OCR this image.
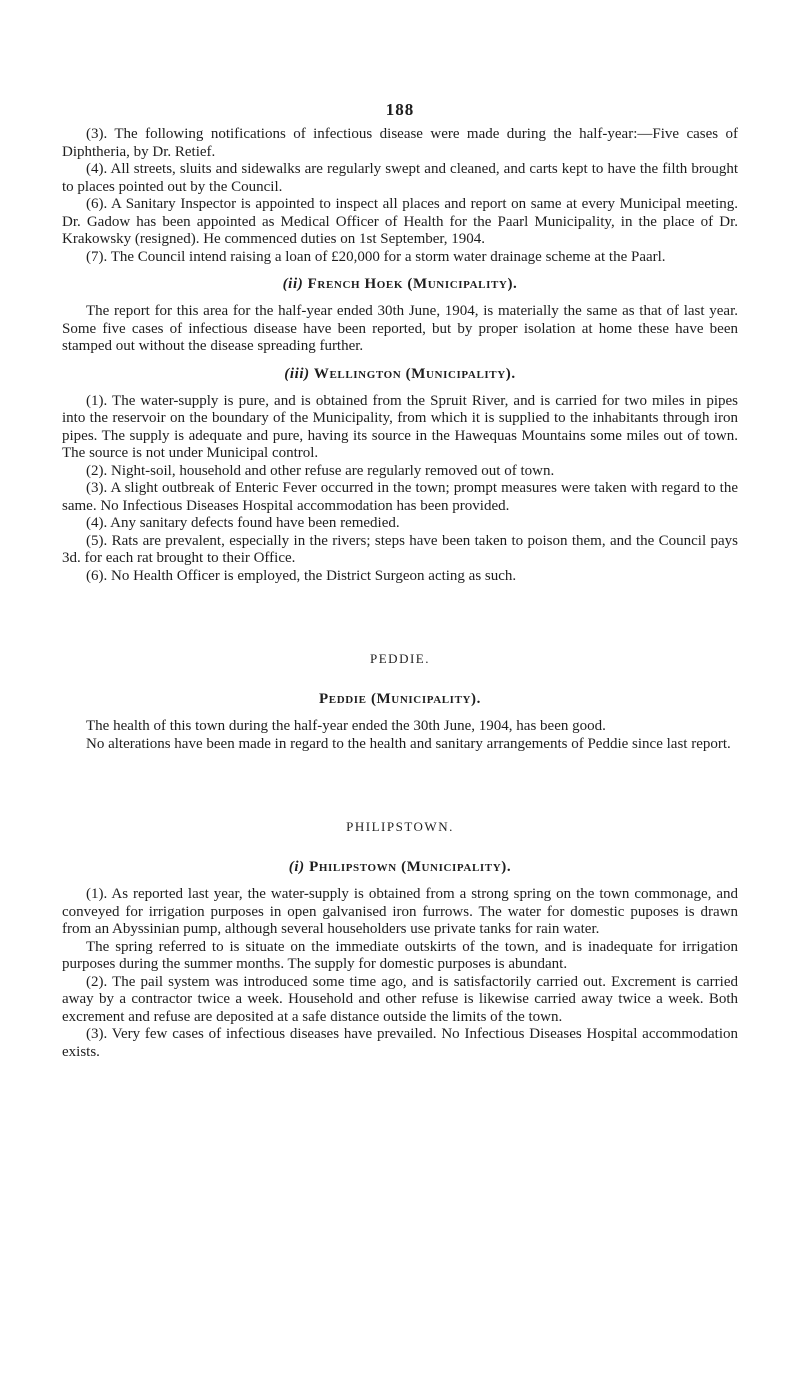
188

(3). The following notifications of infectious disease were made during the half-year:—Five cases of Diphtheria, by Dr. Retief.

(4). All streets, sluits and sidewalks are regularly swept and cleaned, and carts kept to have the filth brought to places pointed out by the Council.

(6). A Sanitary Inspector is appointed to inspect all places and report on same at every Municipal meeting. Dr. Gadow has been appointed as Medical Officer of Health for the Paarl Municipality, in the place of Dr. Krakowsky (resigned). He commenced duties on 1st September, 1904.

(7). The Council intend raising a loan of £20,000 for a storm water drainage scheme at the Paarl.

(ii) French Hoek (Municipality).

The report for this area for the half-year ended 30th June, 1904, is materially the same as that of last year. Some five cases of infectious disease have been reported, but by proper isolation at home these have been stamped out without the disease spreading further.

(iii) Wellington (Municipality).

(1). The water-supply is pure, and is obtained from the Spruit River, and is carried for two miles in pipes into the reservoir on the boundary of the Municipality, from which it is supplied to the inhabitants through iron pipes. The supply is adequate and pure, having its source in the Hawequas Mountains some miles out of town. The source is not under Municipal control.

(2). Night-soil, household and other refuse are regularly removed out of town.

(3). A slight outbreak of Enteric Fever occurred in the town; prompt measures were taken with regard to the same. No Infectious Diseases Hospital accommodation has been provided.

(4). Any sanitary defects found have been remedied.

(5). Rats are prevalent, especially in the rivers; steps have been taken to poison them, and the Council pays 3d. for each rat brought to their Office.

(6). No Health Officer is employed, the District Surgeon acting as such.

PEDDIE.
Peddie (Municipality).

The health of this town during the half-year ended the 30th June, 1904, has been good.

No alterations have been made in regard to the health and sanitary arrangements of Peddie since last report.

PHILIPSTOWN.
(i) Philipstown (Municipality).

(1). As reported last year, the water-supply is obtained from a strong spring on the town commonage, and conveyed for irrigation purposes in open galvanised iron furrows. The water for domestic puposes is drawn from an Abyssinian pump, although several householders use private tanks for rain water.

The spring referred to is situate on the immediate outskirts of the town, and is inadequate for irrigation purposes during the summer months. The supply for domestic purposes is abundant.

(2). The pail system was introduced some time ago, and is satisfactorily carried out. Excrement is carried away by a contractor twice a week. Household and other refuse is likewise carried away twice a week. Both excrement and refuse are deposited at a safe distance outside the limits of the town.

(3). Very few cases of infectious diseases have prevailed. No Infectious Diseases Hospital accommodation exists.
